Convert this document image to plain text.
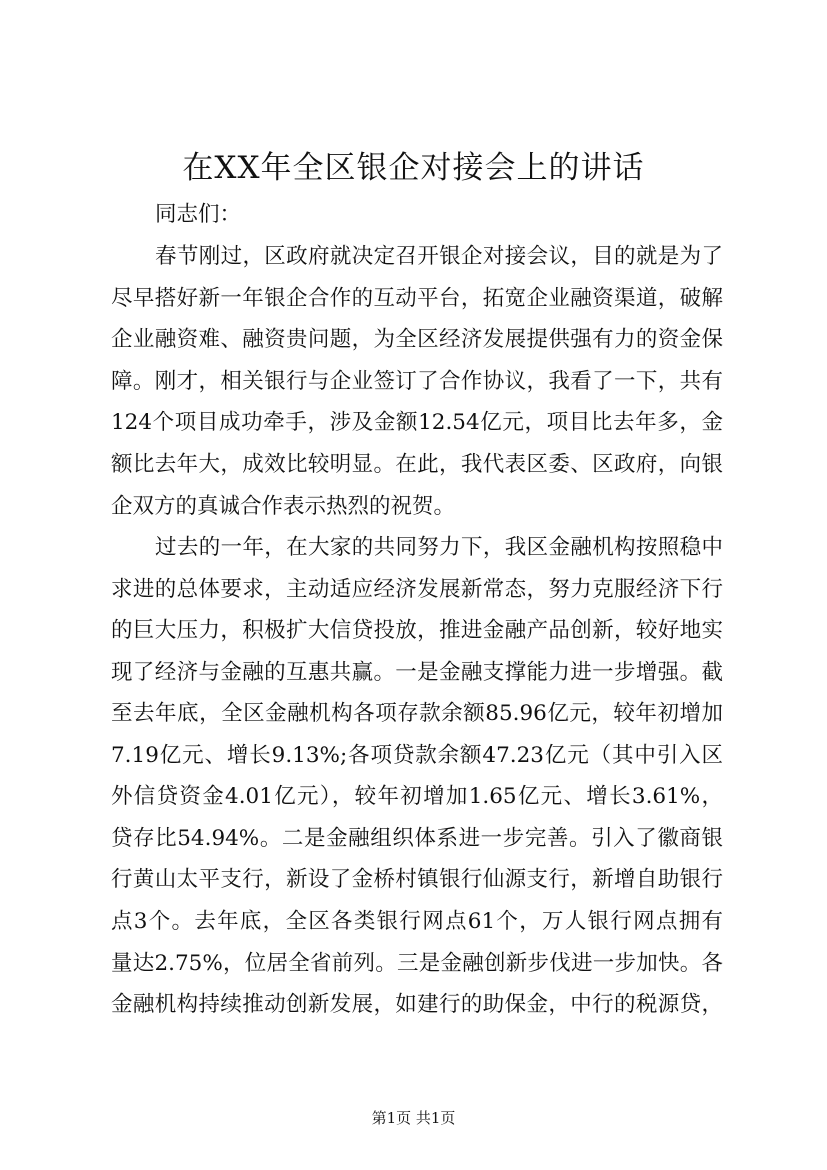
在XX年全区银企对接会上的讲话
同志们：
春节刚过，区政府就决定召开银企对接会议，目的就是为了
尽早搭好新一年银企合作的互动平台，拓宽企业融资渠道，破解
企业融资难、融资贵问题，为全区经济发展提供强有力的资金保
障。刚才，相关银行与企业签订了合作协议，我看了一下，共有
124个项目成功牵手，涉及金额12.54亿元，项目比去年多，金
额比去年大，成效比较明显。在此，我代表区委、区政府，向银
企双方的真诚合作表示热烈的祝贺。
过去的一年，在大家的共同努力下，我区金融机构按照稳中
求进的总体要求，主动适应经济发展新常态，努力克服经济下行
的巨大压力，积极扩大信贷投放，推进金融产品创新，较好地实
现了经济与金融的互惠共赢。一是金融支撑能力进一步增强。截
至去年底，全区金融机构各项存款余额85.96亿元，较年初增加
7.19亿元、增长9.13%;各项贷款余额47.23亿元（其中引入区
外信贷资金4.01亿元），较年初增加1.65亿元、增长3.61%，
贷存比54.94%。二是金融组织体系进一步完善。引入了徽商银
行黄山太平支行，新设了金桥村镇银行仙源支行，新增自助银行
点3个。去年底，全区各类银行网点61个，万人银行网点拥有
量达2.75%，位居全省前列。三是金融创新步伐进一步加快。各
金融机构持续推动创新发展，如建行的助保金，中行的税源贷，
第1页 共1页
